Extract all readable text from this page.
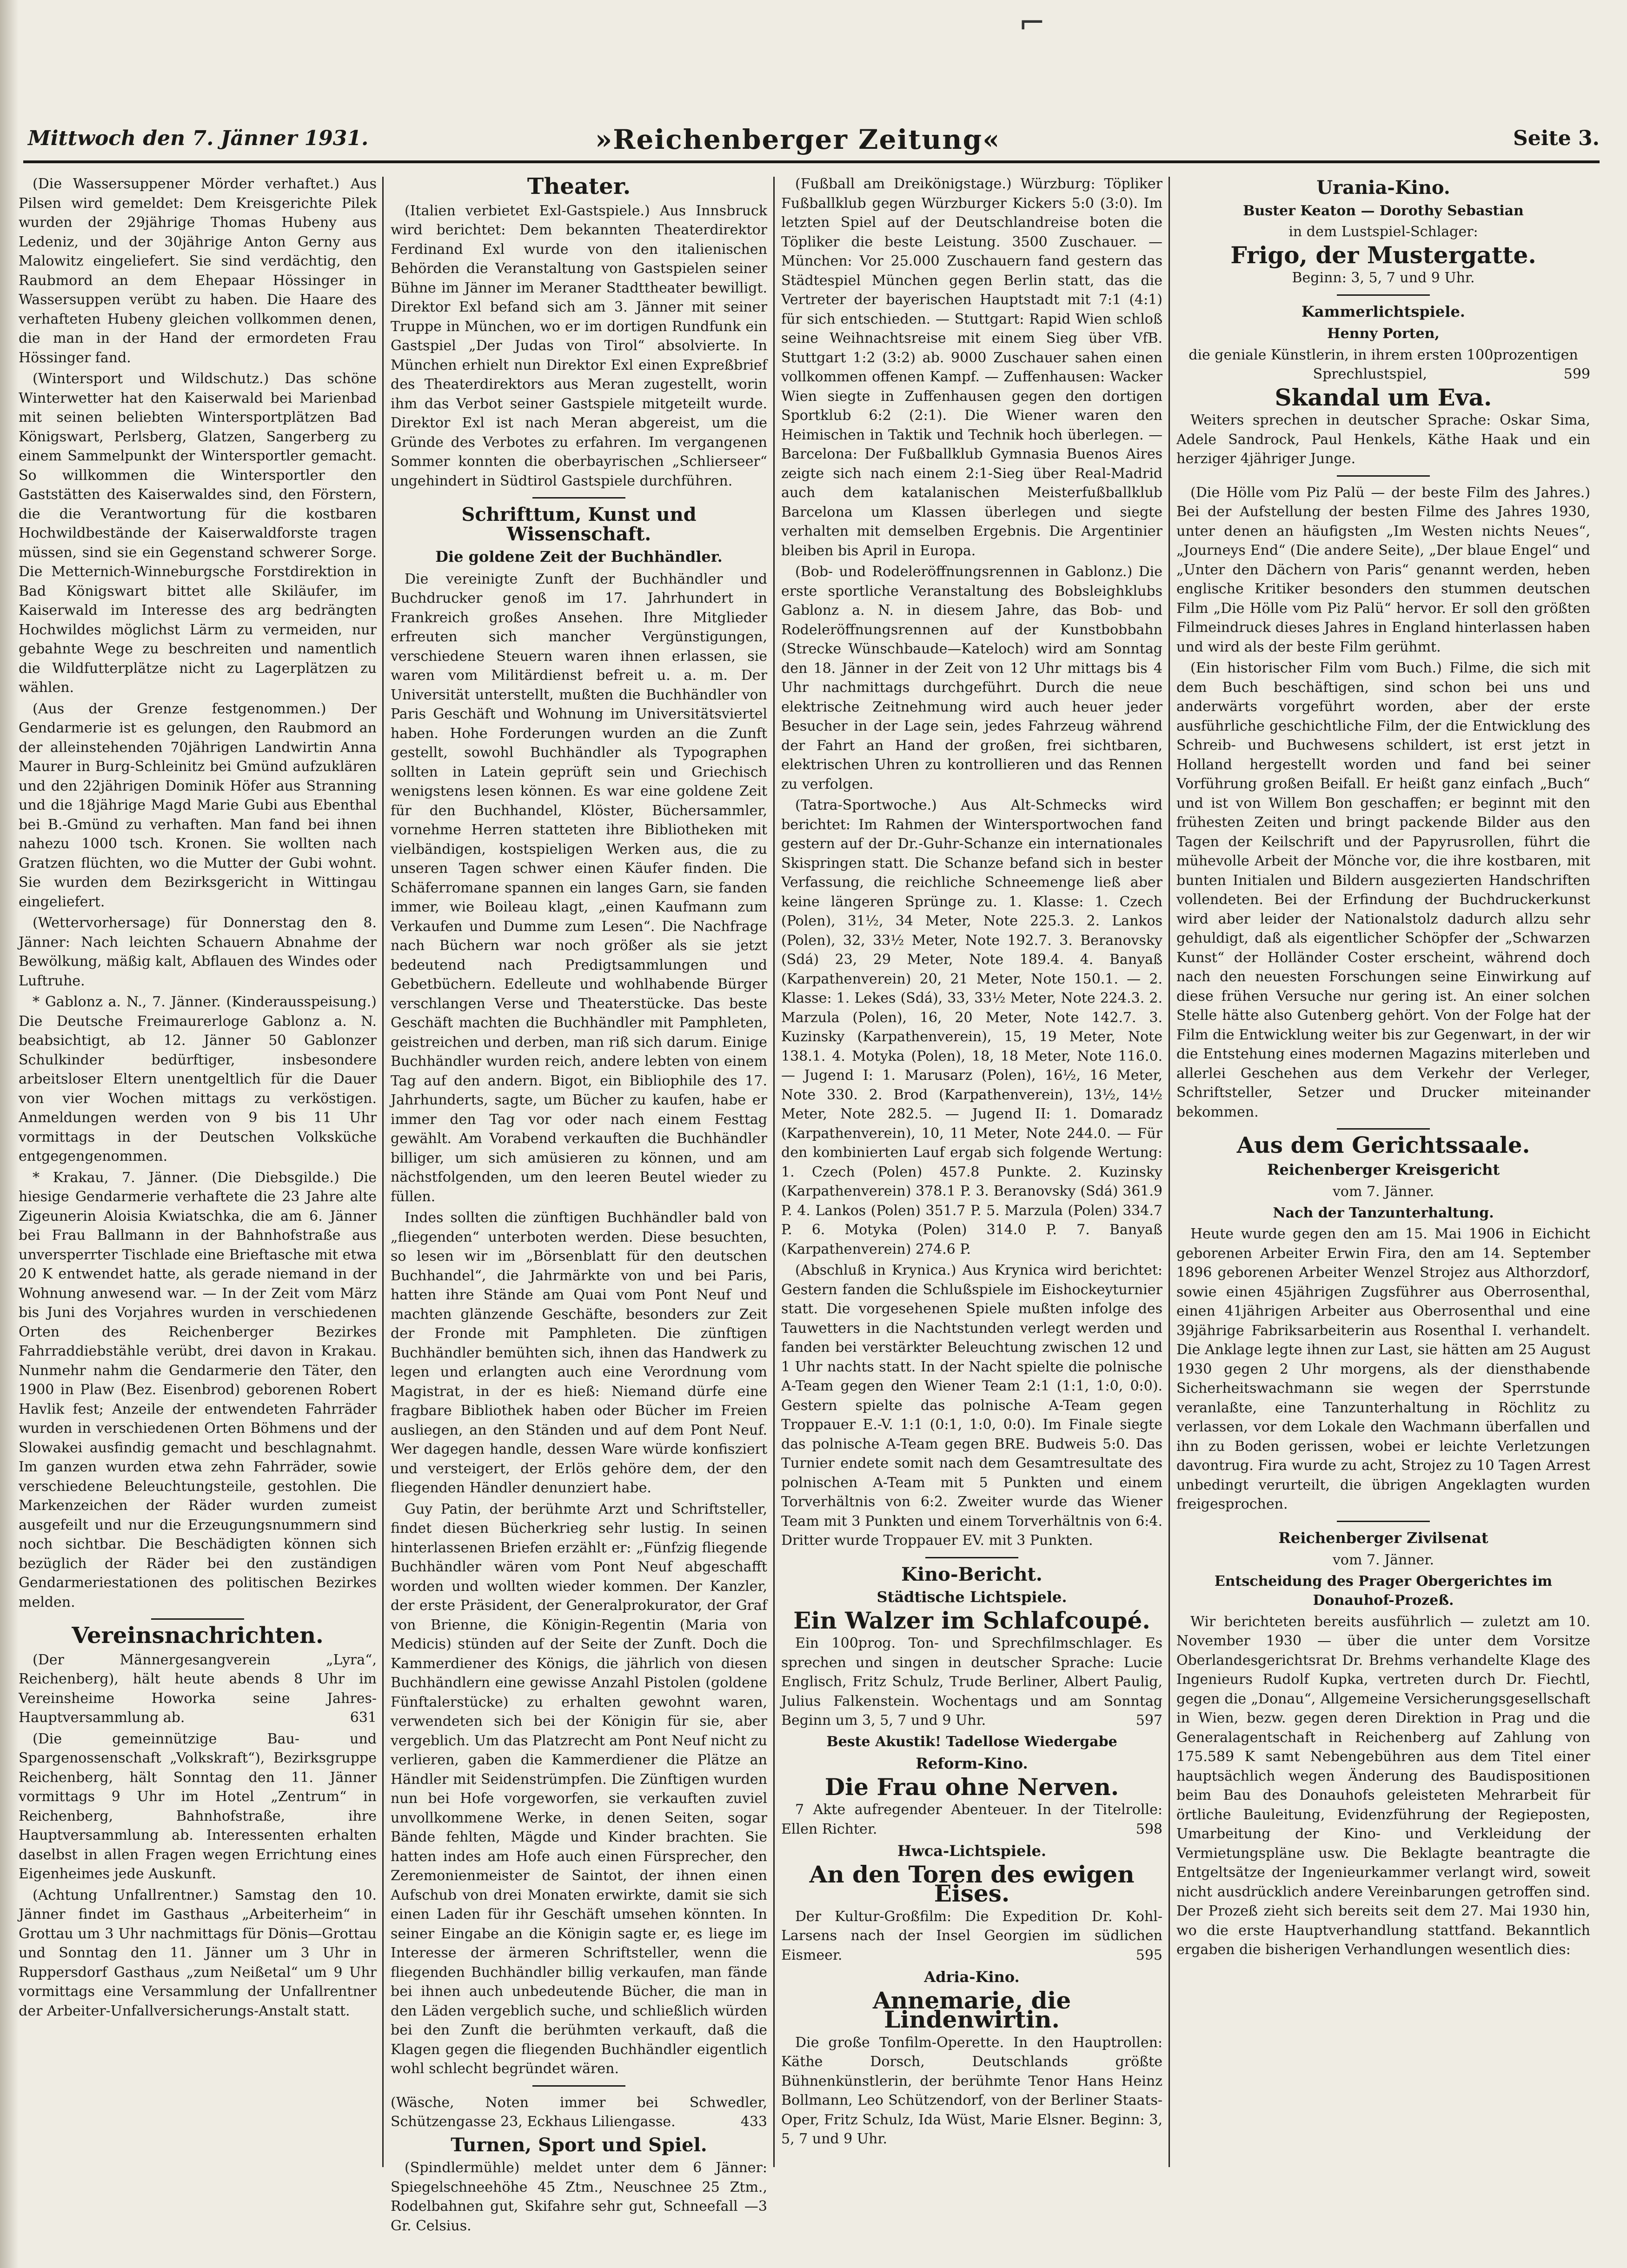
⌐
Mittwoch den 7. Jänner 1931.	»Reichenberger Zeitung«	Seite 3.

(Die Wassersuppener Mörder verhaftet.) Aus Pilsen wird gemeldet: Dem Kreisgerichte Pilek wurden der 29jährige Thomas Hubeny aus Ledeniz, und der 30jährige Anton Gerny aus Malowitz eingeliefert. Sie sind verdächtig, den Raubmord an dem Ehepaar Hössinger in Wassersuppen verübt zu haben. Die Haare des verhafteten Hubeny gleichen vollkommen denen, die man in der Hand der ermordeten Frau Hössinger fand.

(Wintersport und Wildschutz.) Das schöne Winterwetter hat den Kaiserwald bei Marienbad mit seinen beliebten Wintersportplätzen Bad Königswart, Perlsberg, Glatzen, Sangerberg zu einem Sammelpunkt der Wintersportler gemacht. So willkommen die Wintersportler den Gaststätten des Kaiserwaldes sind, den Förstern, die die Verantwortung für die kostbaren Hochwildbestände der Kaiserwaldforste tragen müssen, sind sie ein Gegenstand schwerer Sorge. Die Metternich-Winneburgsche Forstdirektion in Bad Königswart bittet alle Skiläufer, im Kaiserwald im Interesse des arg bedrängten Hochwildes möglichst Lärm zu vermeiden, nur gebahnte Wege zu beschreiten und namentlich die Wildfutterplätze nicht zu Lagerplätzen zu wählen.

(Aus der Grenze festgenommen.) Der Gendarmerie ist es gelungen, den Raubmord an der alleinstehenden 70jährigen Landwirtin Anna Maurer in Burg-Schleinitz bei Gmünd aufzuklären und den 22jährigen Dominik Höfer aus Stranning und die 18jährige Magd Marie Gubi aus Ebenthal bei B.-Gmünd zu verhaften. Man fand bei ihnen nahezu 1000 tsch. Kronen. Sie wollten nach Gratzen flüchten, wo die Mutter der Gubi wohnt. Sie wurden dem Bezirksgericht in Wittingau eingeliefert.

(Wettervorhersage) für Donnerstag den 8. Jänner: Nach leichten Schauern Abnahme der Bewölkung, mäßig kalt, Abflauen des Windes oder Luftruhe.

* Gablonz a. N., 7. Jänner. (Kinderausspeisung.) Die Deutsche Freimaurerloge Gablonz a. N. beabsichtigt, ab 12. Jänner 50 Gablonzer Schulkinder bedürftiger, insbesondere arbeitsloser Eltern unentgeltlich für die Dauer von vier Wochen mittags zu verköstigen. Anmeldungen werden von 9 bis 11 Uhr vormittags in der Deutschen Volksküche entgegengenommen.

* Krakau, 7. Jänner. (Die Diebsgilde.) Die hiesige Gendarmerie verhaftete die 23 Jahre alte Zigeunerin Aloisia Kwiatschka, die am 6. Jänner bei Frau Ballmann in der Bahnhofstraße aus unversperrter Tischlade eine Brieftasche mit etwa 20 K entwendet hatte, als gerade niemand in der Wohnung anwesend war. — In der Zeit vom März bis Juni des Vorjahres wurden in verschiedenen Orten des Reichenberger Bezirkes Fahrraddiebstähle verübt, drei davon in Krakau. Nunmehr nahm die Gendarmerie den Täter, den 1900 in Plaw (Bez. Eisenbrod) geborenen Robert Havlik fest; Anzeile der entwendeten Fahrräder wurden in verschiedenen Orten Böhmens und der Slowakei ausfindig gemacht und beschlagnahmt. Im ganzen wurden etwa zehn Fahrräder, sowie verschiedene Beleuchtungsteile, gestohlen. Die Markenzeichen der Räder wurden zumeist ausgefeilt und nur die Erzeugungsnummern sind noch sichtbar. Die Beschädigten können sich bezüglich der Räder bei den zuständigen Gendarmeriestationen des politischen Bezirkes melden.

Vereinsnachrichten.

(Der Männergesangverein „Lyra“, Reichenberg), hält heute abends 8 Uhr im Vereinsheime Howorka seine Jahres-Hauptversammlung ab.	631

(Die gemeinnützige Bau- und Spargenossenschaft „Volkskraft“), Bezirksgruppe Reichenberg, hält Sonntag den 11. Jänner vormittags 9 Uhr im Hotel „Zentrum“ in Reichenberg, Bahnhofstraße, ihre Hauptversammlung ab. Interessenten erhalten daselbst in allen Fragen wegen Errichtung eines Eigenheimes jede Auskunft.

(Achtung Unfallrentner.) Samstag den 10. Jänner findet im Gasthaus „Arbeiterheim“ in Grottau um 3 Uhr nachmittags für Dönis—Grottau und Sonntag den 11. Jänner um 3 Uhr in Ruppersdorf Gasthaus „zum Neißetal“ um 9 Uhr vormittags eine Versammlung der Unfallrentner der Arbeiter-Unfallversicherungs-Anstalt statt.

Theater.

(Italien verbietet Exl-Gastspiele.) Aus Innsbruck wird berichtet: Dem bekannten Theaterdirektor Ferdinand Exl wurde von den italienischen Behörden die Veranstaltung von Gastspielen seiner Bühne im Jänner im Meraner Stadttheater bewilligt. Direktor Exl befand sich am 3. Jänner mit seiner Truppe in München, wo er im dortigen Rundfunk ein Gastspiel „Der Judas von Tirol“ absolvierte. In München erhielt nun Direktor Exl einen Expreßbrief des Theaterdirektors aus Meran zugestellt, worin ihm das Verbot seiner Gastspiele mitgeteilt wurde. Direktor Exl ist nach Meran abgereist, um die Gründe des Verbotes zu erfahren. Im vergangenen Sommer konnten die oberbayrischen „Schlierseer“ ungehindert in Südtirol Gastspiele durchführen.

Schrifttum, Kunst und Wissenschaft.
Die goldene Zeit der Buchhändler.

Die vereinigte Zunft der Buchhändler und Buchdrucker genoß im 17. Jahrhundert in Frankreich großes Ansehen. Ihre Mitglieder erfreuten sich mancher Vergünstigungen, verschiedene Steuern waren ihnen erlassen, sie waren vom Militärdienst befreit u. a. m. Der Universität unterstellt, mußten die Buchhändler von Paris Geschäft und Wohnung im Universitätsviertel haben. Hohe Forderungen wurden an die Zunft gestellt, sowohl Buchhändler als Typographen sollten in Latein geprüft sein und Griechisch wenigstens lesen können. Es war eine goldene Zeit für den Buchhandel, Klöster, Büchersammler, vornehme Herren statteten ihre Bibliotheken mit vielbändigen, kostspieligen Werken aus, die zu unseren Tagen schwer einen Käufer finden. Die Schäferromane spannen ein langes Garn, sie fanden immer, wie Boileau klagt, „einen Kaufmann zum Verkaufen und Dumme zum Lesen“. Die Nachfrage nach Büchern war noch größer als sie jetzt bedeutend nach Predigtsammlungen und Gebetbüchern. Edelleute und wohlhabende Bürger verschlangen Verse und Theaterstücke. Das beste Geschäft machten die Buchhändler mit Pamphleten, geistreichen und derben, man riß sich darum. Einige Buchhändler wurden reich, andere lebten von einem Tag auf den andern. Bigot, ein Bibliophile des 17. Jahrhunderts, sagte, um Bücher zu kaufen, habe er immer den Tag vor oder nach einem Festtag gewählt. Am Vorabend verkauften die Buchhändler billiger, um sich amüsieren zu können, und am nächstfolgenden, um den leeren Beutel wieder zu füllen.

Indes sollten die zünftigen Buchhändler bald von „fliegenden“ unterboten werden. Diese besuchten, so lesen wir im „Börsenblatt für den deutschen Buchhandel“, die Jahrmärkte von und bei Paris, hatten ihre Stände am Quai vom Pont Neuf und machten glänzende Geschäfte, besonders zur Zeit der Fronde mit Pamphleten. Die zünftigen Buchhändler bemühten sich, ihnen das Handwerk zu legen und erlangten auch eine Verordnung vom Magistrat, in der es hieß: Niemand dürfe eine fragbare Bibliothek haben oder Bücher im Freien ausliegen, an den Ständen und auf dem Pont Neuf. Wer dagegen handle, dessen Ware würde konfisziert und versteigert, der Erlös gehöre dem, der den fliegenden Händler denunziert habe.

Guy Patin, der berühmte Arzt und Schriftsteller, findet diesen Bücherkrieg sehr lustig. In seinen hinterlassenen Briefen erzählt er: „Fünfzig fliegende Buchhändler wären vom Pont Neuf abgeschafft worden und wollten wieder kommen. Der Kanzler, der erste Präsident, der Generalprokurator, der Graf von Brienne, die Königin-Regentin (Maria von Medicis) stünden auf der Seite der Zunft. Doch die Kammerdiener des Königs, die jährlich von diesen Buchhändlern eine gewisse Anzahl Pistolen (goldene Fünftalerstücke) zu erhalten gewohnt waren, verwendeten sich bei der Königin für sie, aber vergeblich. Um das Platzrecht am Pont Neuf nicht zu verlieren, gaben die Kammerdiener die Plätze an Händler mit Seidenstrümpfen. Die Zünftigen wurden nun bei Hofe vorgeworfen, sie verkauften zuviel unvollkommene Werke, in denen Seiten, sogar Bände fehlten, Mägde und Kinder brachten. Sie hatten indes am Hofe auch einen Fürsprecher, den Zeremonienmeister de Saintot, der ihnen einen Aufschub von drei Monaten erwirkte, damit sie sich einen Laden für ihr Geschäft umsehen könnten. In seiner Eingabe an die Königin sagte er, es liege im Interesse der ärmeren Schriftsteller, wenn die fliegenden Buchhändler billig verkaufen, man fände bei ihnen auch unbedeutende Bücher, die man in den Läden vergeblich suche, und schließlich würden bei den Zunft die berühmten verkauft, daß die Klagen gegen die fliegenden Buchhändler eigentlich wohl schlecht begründet wären.

(Wäsche, Noten immer bei Schwedler, Schützengasse 23, Eckhaus Liliengasse.	433

Turnen, Sport und Spiel.

(Spindlermühle) meldet unter dem 6 Jänner: Spiegelschneehöhe 45 Ztm., Neuschnee 25 Ztm., Rodelbahnen gut, Skifahre sehr gut, Schneefall —3 Gr. Celsius.

(Fußball am Dreikönigstage.) Würzburg: Töpliker Fußballklub gegen Würzburger Kickers 5:0 (3:0). Im letzten Spiel auf der Deutschlandreise boten die Töpliker die beste Leistung. 3500 Zuschauer. — München: Vor 25.000 Zuschauern fand gestern das Städtespiel München gegen Berlin statt, das die Vertreter der bayerischen Hauptstadt mit 7:1 (4:1) für sich entschieden. — Stuttgart: Rapid Wien schloß seine Weihnachtsreise mit einem Sieg über VfB. Stuttgart 1:2 (3:2) ab. 9000 Zuschauer sahen einen vollkommen offenen Kampf. — Zuffenhausen: Wacker Wien siegte in Zuffenhausen gegen den dortigen Sportklub 6:2 (2:1). Die Wiener waren den Heimischen in Taktik und Technik hoch überlegen. — Barcelona: Der Fußballklub Gymnasia Buenos Aires zeigte sich nach einem 2:1-Sieg über Real-Madrid auch dem katalanischen Meisterfußballklub Barcelona um Klassen überlegen und siegte verhalten mit demselben Ergebnis. Die Argentinier bleiben bis April in Europa.

(Bob- und Rodeleröffnungsrennen in Gablonz.) Die erste sportliche Veranstaltung des Bobsleighklubs Gablonz a. N. in diesem Jahre, das Bob- und Rodeleröffnungsrennen auf der Kunstbobbahn (Strecke Wünschbaude—Kateloch) wird am Sonntag den 18. Jänner in der Zeit von 12 Uhr mittags bis 4 Uhr nachmittags durchgeführt. Durch die neue elektrische Zeitnehmung wird auch heuer jeder Besucher in der Lage sein, jedes Fahrzeug während der Fahrt an Hand der großen, frei sichtbaren, elektrischen Uhren zu kontrollieren und das Rennen zu verfolgen.

(Tatra-Sportwoche.) Aus Alt-Schmecks wird berichtet: Im Rahmen der Wintersportwochen fand gestern auf der Dr.-Guhr-Schanze ein internationales Skispringen statt. Die Schanze befand sich in bester Verfassung, die reichliche Schneemenge ließ aber keine längeren Sprünge zu. 1. Klasse: 1. Czech (Polen), 31½, 34 Meter, Note 225.3. 2. Lankos (Polen), 32, 33½ Meter, Note 192.7. 3. Beranovsky (Sdá) 23, 29 Meter, Note 189.4. 4. Banyaß (Karpathenverein) 20, 21 Meter, Note 150.1. — 2. Klasse: 1. Lekes (Sdá), 33, 33½ Meter, Note 224.3. 2. Marzula (Polen), 16, 20 Meter, Note 142.7. 3. Kuzinsky (Karpathenverein), 15, 19 Meter, Note 138.1. 4. Motyka (Polen), 18, 18 Meter, Note 116.0. — Jugend I: 1. Marusarz (Polen), 16½, 16 Meter, Note 330. 2. Brod (Karpathenverein), 13½, 14½ Meter, Note 282.5. — Jugend II: 1. Domaradz (Karpathenverein), 10, 11 Meter, Note 244.0. — Für den kombinierten Lauf ergab sich folgende Wertung: 1. Czech (Polen) 457.8 Punkte. 2. Kuzinsky (Karpathenverein) 378.1 P. 3. Beranovsky (Sdá) 361.9 P. 4. Lankos (Polen) 351.7 P. 5. Marzula (Polen) 334.7 P. 6. Motyka (Polen) 314.0 P. 7. Banyaß (Karpathenverein) 274.6 P.

(Abschluß in Krynica.) Aus Krynica wird berichtet: Gestern fanden die Schlußspiele im Eishockeyturnier statt. Die vorgesehenen Spiele mußten infolge des Tauwetters in die Nachtstunden verlegt werden und fanden bei verstärkter Beleuchtung zwischen 12 und 1 Uhr nachts statt. In der Nacht spielte die polnische A-Team gegen den Wiener Team 2:1 (1:1, 1:0, 0:0). Gestern spielte das polnische A-Team gegen Troppauer E.-V. 1:1 (0:1, 1:0, 0:0). Im Finale siegte das polnische A-Team gegen BRE. Budweis 5:0. Das Turnier endete somit nach dem Gesamtresultate des polnischen A-Team mit 5 Punkten und einem Torverhältnis von 6:2. Zweiter wurde das Wiener Team mit 3 Punkten und einem Torverhältnis von 6:4. Dritter wurde Troppauer EV. mit 3 Punkten.

Kino-Bericht.
Städtische Lichtspiele.
Ein Walzer im Schlafcoupé.

Ein 100prog. Ton- und Sprechfilmschlager. Es sprechen und singen in deutscher Sprache: Lucie Englisch, Fritz Schulz, Trude Berliner, Albert Paulig, Julius Falkenstein. Wochentags und am Sonntag Beginn um 3, 5, 7 und 9 Uhr.	597

Beste Akustik! Tadellose Wiedergabe

Reform-Kino.
Die Frau ohne Nerven.

7 Akte aufregender Abenteuer. In der Titelrolle: Ellen Richter.	598

Hwca-Lichtspiele.
An den Toren des ewigen Eises.

Der Kultur-Großfilm: Die Expedition Dr. Kohl-Larsens nach der Insel Georgien im südlichen Eismeer.	595

Adria-Kino.
Annemarie, die Lindenwirtin.

Die große Tonfilm-Operette. In den Hauptrollen: Käthe Dorsch, Deutschlands größte Bühnenkünstlerin, der berühmte Tenor Hans Heinz Bollmann, Leo Schützendorf, von der Berliner Staats-Oper, Fritz Schulz, Ida Wüst, Marie Elsner. Beginn: 3, 5, 7 und 9 Uhr.

Urania-Kino.

Buster Keaton — Dorothy Sebastian

in dem Lustspiel-Schlager:

Frigo, der Mustergatte.

Beginn: 3, 5, 7 und 9 Uhr.

Kammerlichtspiele.

Henny Porten,

die geniale Künstlerin, in ihrem ersten 100prozentigen Sprechlustspiel,	599

Skandal um Eva.

Weiters sprechen in deutscher Sprache: Oskar Sima, Adele Sandrock, Paul Henkels, Käthe Haak und ein herziger 4jähriger Junge.

(Die Hölle vom Piz Palü — der beste Film des Jahres.) Bei der Aufstellung der besten Filme des Jahres 1930, unter denen an häufigsten „Im Westen nichts Neues“, „Journeys End“ (Die andere Seite), „Der blaue Engel“ und „Unter den Dächern von Paris“ genannt werden, heben englische Kritiker besonders den stummen deutschen Film „Die Hölle vom Piz Palü“ hervor. Er soll den größten Filmeindruck dieses Jahres in England hinterlassen haben und wird als der beste Film gerühmt.

(Ein historischer Film vom Buch.) Filme, die sich mit dem Buch beschäftigen, sind schon bei uns und anderwärts vorgeführt worden, aber der erste ausführliche geschichtliche Film, der die Entwicklung des Schreib- und Buchwesens schildert, ist erst jetzt in Holland hergestellt worden und fand bei seiner Vorführung großen Beifall. Er heißt ganz einfach „Buch“ und ist von Willem Bon geschaffen; er beginnt mit den frühesten Zeiten und bringt packende Bilder aus den Tagen der Keilschrift und der Papyrusrollen, führt die mühevolle Arbeit der Mönche vor, die ihre kostbaren, mit bunten Initialen und Bildern ausgezierten Handschriften vollendeten. Bei der Erfindung der Buchdruckerkunst wird aber leider der Nationalstolz dadurch allzu sehr gehuldigt, daß als eigentlicher Schöpfer der „Schwarzen Kunst“ der Holländer Coster erscheint, während doch nach den neuesten Forschungen seine Einwirkung auf diese frühen Versuche nur gering ist. An einer solchen Stelle hätte also Gutenberg gehört. Von der Folge hat der Film die Entwicklung weiter bis zur Gegenwart, in der wir die Entstehung eines modernen Magazins miterleben und allerlei Geschehen aus dem Verkehr der Verleger, Schriftsteller, Setzer und Drucker miteinander bekommen.

Aus dem Gerichtssaale.
Reichenberger Kreisgericht

vom 7. Jänner.

Nach der Tanzunterhaltung.

Heute wurde gegen den am 15. Mai 1906 in Eichicht geborenen Arbeiter Erwin Fira, den am 14. September 1896 geborenen Arbeiter Wenzel Strojez aus Althorzdorf, sowie einen 45jährigen Zugsführer aus Oberrosenthal, einen 41jährigen Arbeiter aus Oberrosenthal und eine 39jährige Fabriksarbeiterin aus Rosenthal I. verhandelt. Die Anklage legte ihnen zur Last, sie hätten am 25 August 1930 gegen 2 Uhr morgens, als der diensthabende Sicherheitswachmann sie wegen der Sperrstunde veranlaßte, eine Tanzunterhaltung in Röchlitz zu verlassen, vor dem Lokale den Wachmann überfallen und ihn zu Boden gerissen, wobei er leichte Verletzungen davontrug. Fira wurde zu acht, Strojez zu 10 Tagen Arrest unbedingt verurteilt, die übrigen Angeklagten wurden freigesprochen.

Reichenberger Zivilsenat

vom 7. Jänner.

Entscheidung des Prager Obergerichtes im Donauhof-Prozeß.

Wir berichteten bereits ausführlich — zuletzt am 10. November 1930 — über die unter dem Vorsitze Oberlandesgerichtsrat Dr. Brehms verhandelte Klage des Ingenieurs Rudolf Kupka, vertreten durch Dr. Fiechtl, gegen die „Donau“, Allgemeine Versicherungsgesellschaft in Wien, bezw. gegen deren Direktion in Prag und die Generalagentschaft in Reichenberg auf Zahlung von 175.589 K samt Nebengebühren aus dem Titel einer hauptsächlich wegen Änderung des Baudispositionen beim Bau des Donauhofs geleisteten Mehrarbeit für örtliche Bauleitung, Evidenzführung der Regieposten, Umarbeitung der Kino- und Verkleidung der Vermietungspläne usw. Die Beklagte beantragte die Entgeltsätze der Ingenieurkammer verlangt wird, soweit nicht ausdrücklich andere Vereinbarungen getroffen sind. Der Prozeß zieht sich bereits seit dem 27. Mai 1930 hin, wo die erste Hauptverhandlung stattfand. Bekanntlich ergaben die bisherigen Verhandlungen wesentlich dies:
